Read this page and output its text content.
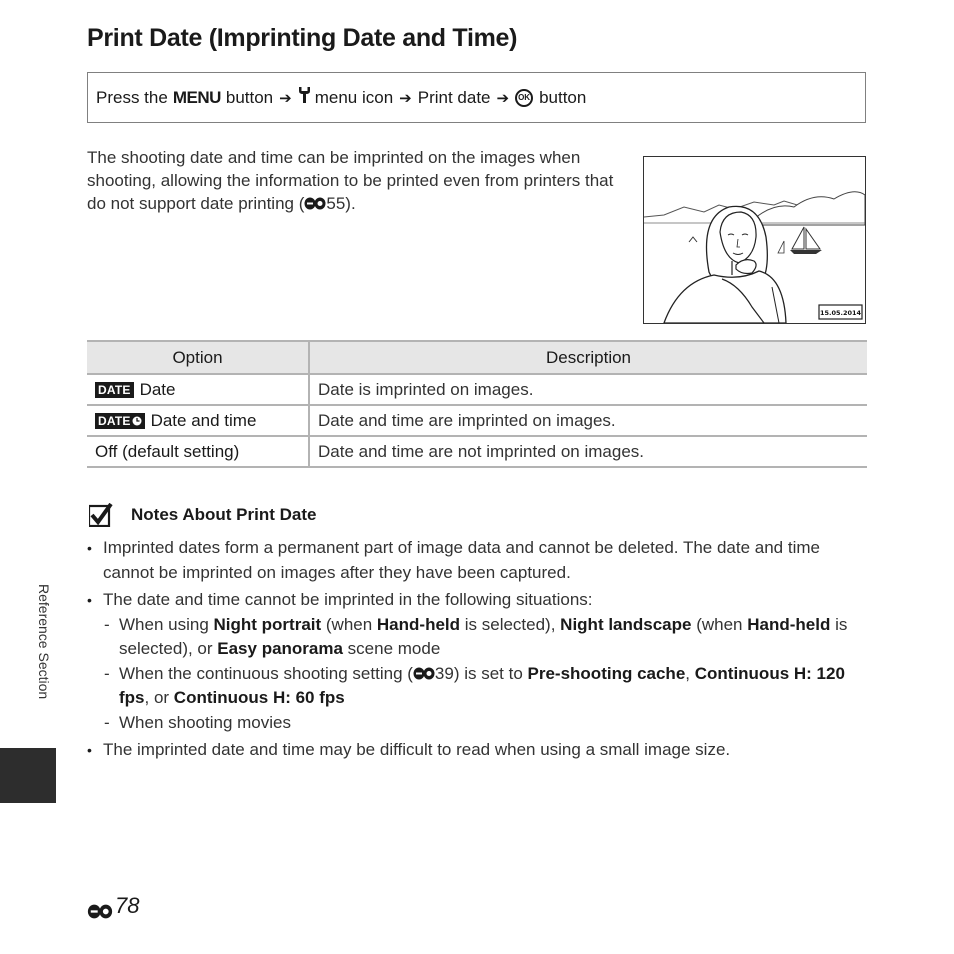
Print Date (Imprinting Date and Time)
Press the MENU button ➔ menu icon ➔ Print date ➔	OK button
The shooting date and time can be imprinted on the images when shooting, allowing the information to be printed even from printers that do not support date printing ( 55).
15.05.2014
Option	Description
DATE Date	Date is imprinted on images.
DATE Date and time	Date and time are imprinted on images.
Off (default setting)	Date and time are not imprinted on images.
Notes About Print Date
• Imprinted dates form a permanent part of image data and cannot be deleted. The date and time cannot be imprinted on images after they have been captured.
• The date and time cannot be imprinted in the following situations:
- When using Night portrait (when Hand-held is selected), Night landscape (when Hand-held is selected), or Easy panorama scene mode
- When the continuous shooting setting ( 39) is set to Pre-shooting cache, Continuous H: 120 fps, or Continuous H: 60 fps
- When shooting movies
• The imprinted date and time may be difficult to read when using a small image size.
Reference Section
78
